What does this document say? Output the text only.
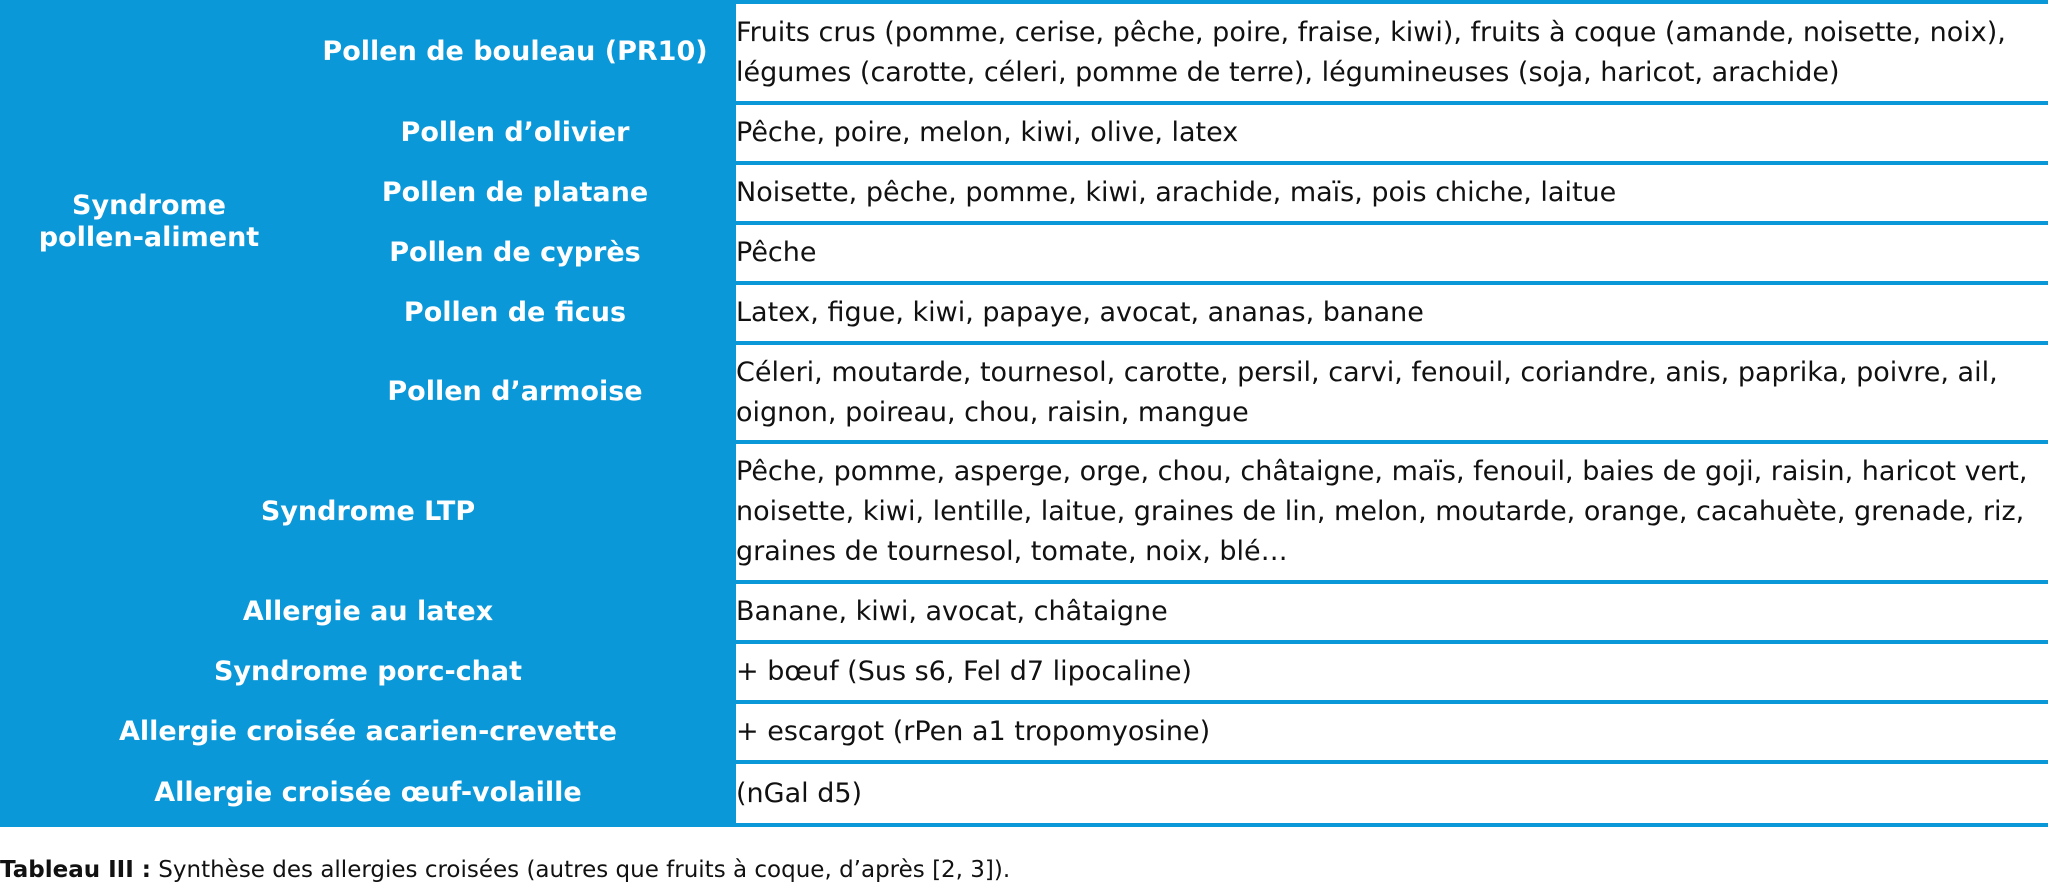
Syndrome
pollen-aliment	Pollen de bouleau (PR10)	Fruits crus (pomme, cerise, pêche, poire, fraise, kiwi), fruits à coque (amande, noisette, noix), légumes (carotte, céleri, pomme de terre), légumineuses (soja, haricot, arachide)
	Pollen d’olivier	Pêche, poire, melon, kiwi, olive, latex
	Pollen de platane	Noisette, pêche, pomme, kiwi, arachide, maïs, pois chiche, laitue
	Pollen de cyprès	Pêche
	Pollen de ficus	Latex, figue, kiwi, papaye, avocat, ananas, banane
	Pollen d’armoise	Céleri, moutarde, tournesol, carotte, persil, carvi, fenouil, coriandre, anis, paprika, poivre, ail, oignon, poireau, chou, raisin, mangue
Syndrome LTP		Pêche, pomme, asperge, orge, chou, châtaigne, maïs, fenouil, baies de goji, raisin, haricot vert, noisette, kiwi, lentille, laitue, graines de lin, melon, moutarde, orange, cacahuète, grenade, riz, graines de tournesol, tomate, noix, blé…
Allergie au latex		Banane, kiwi, avocat, châtaigne
Syndrome porc-chat		+ bœuf (Sus s6, Fel d7 lipocaline)
Allergie croisée acarien-crevette		+ escargot (rPen a1 tropomyosine)
Allergie croisée œuf-volaille		(nGal d5)
Tableau III : Synthèse des allergies croisées (autres que fruits à coque, d’après [2, 3]).
